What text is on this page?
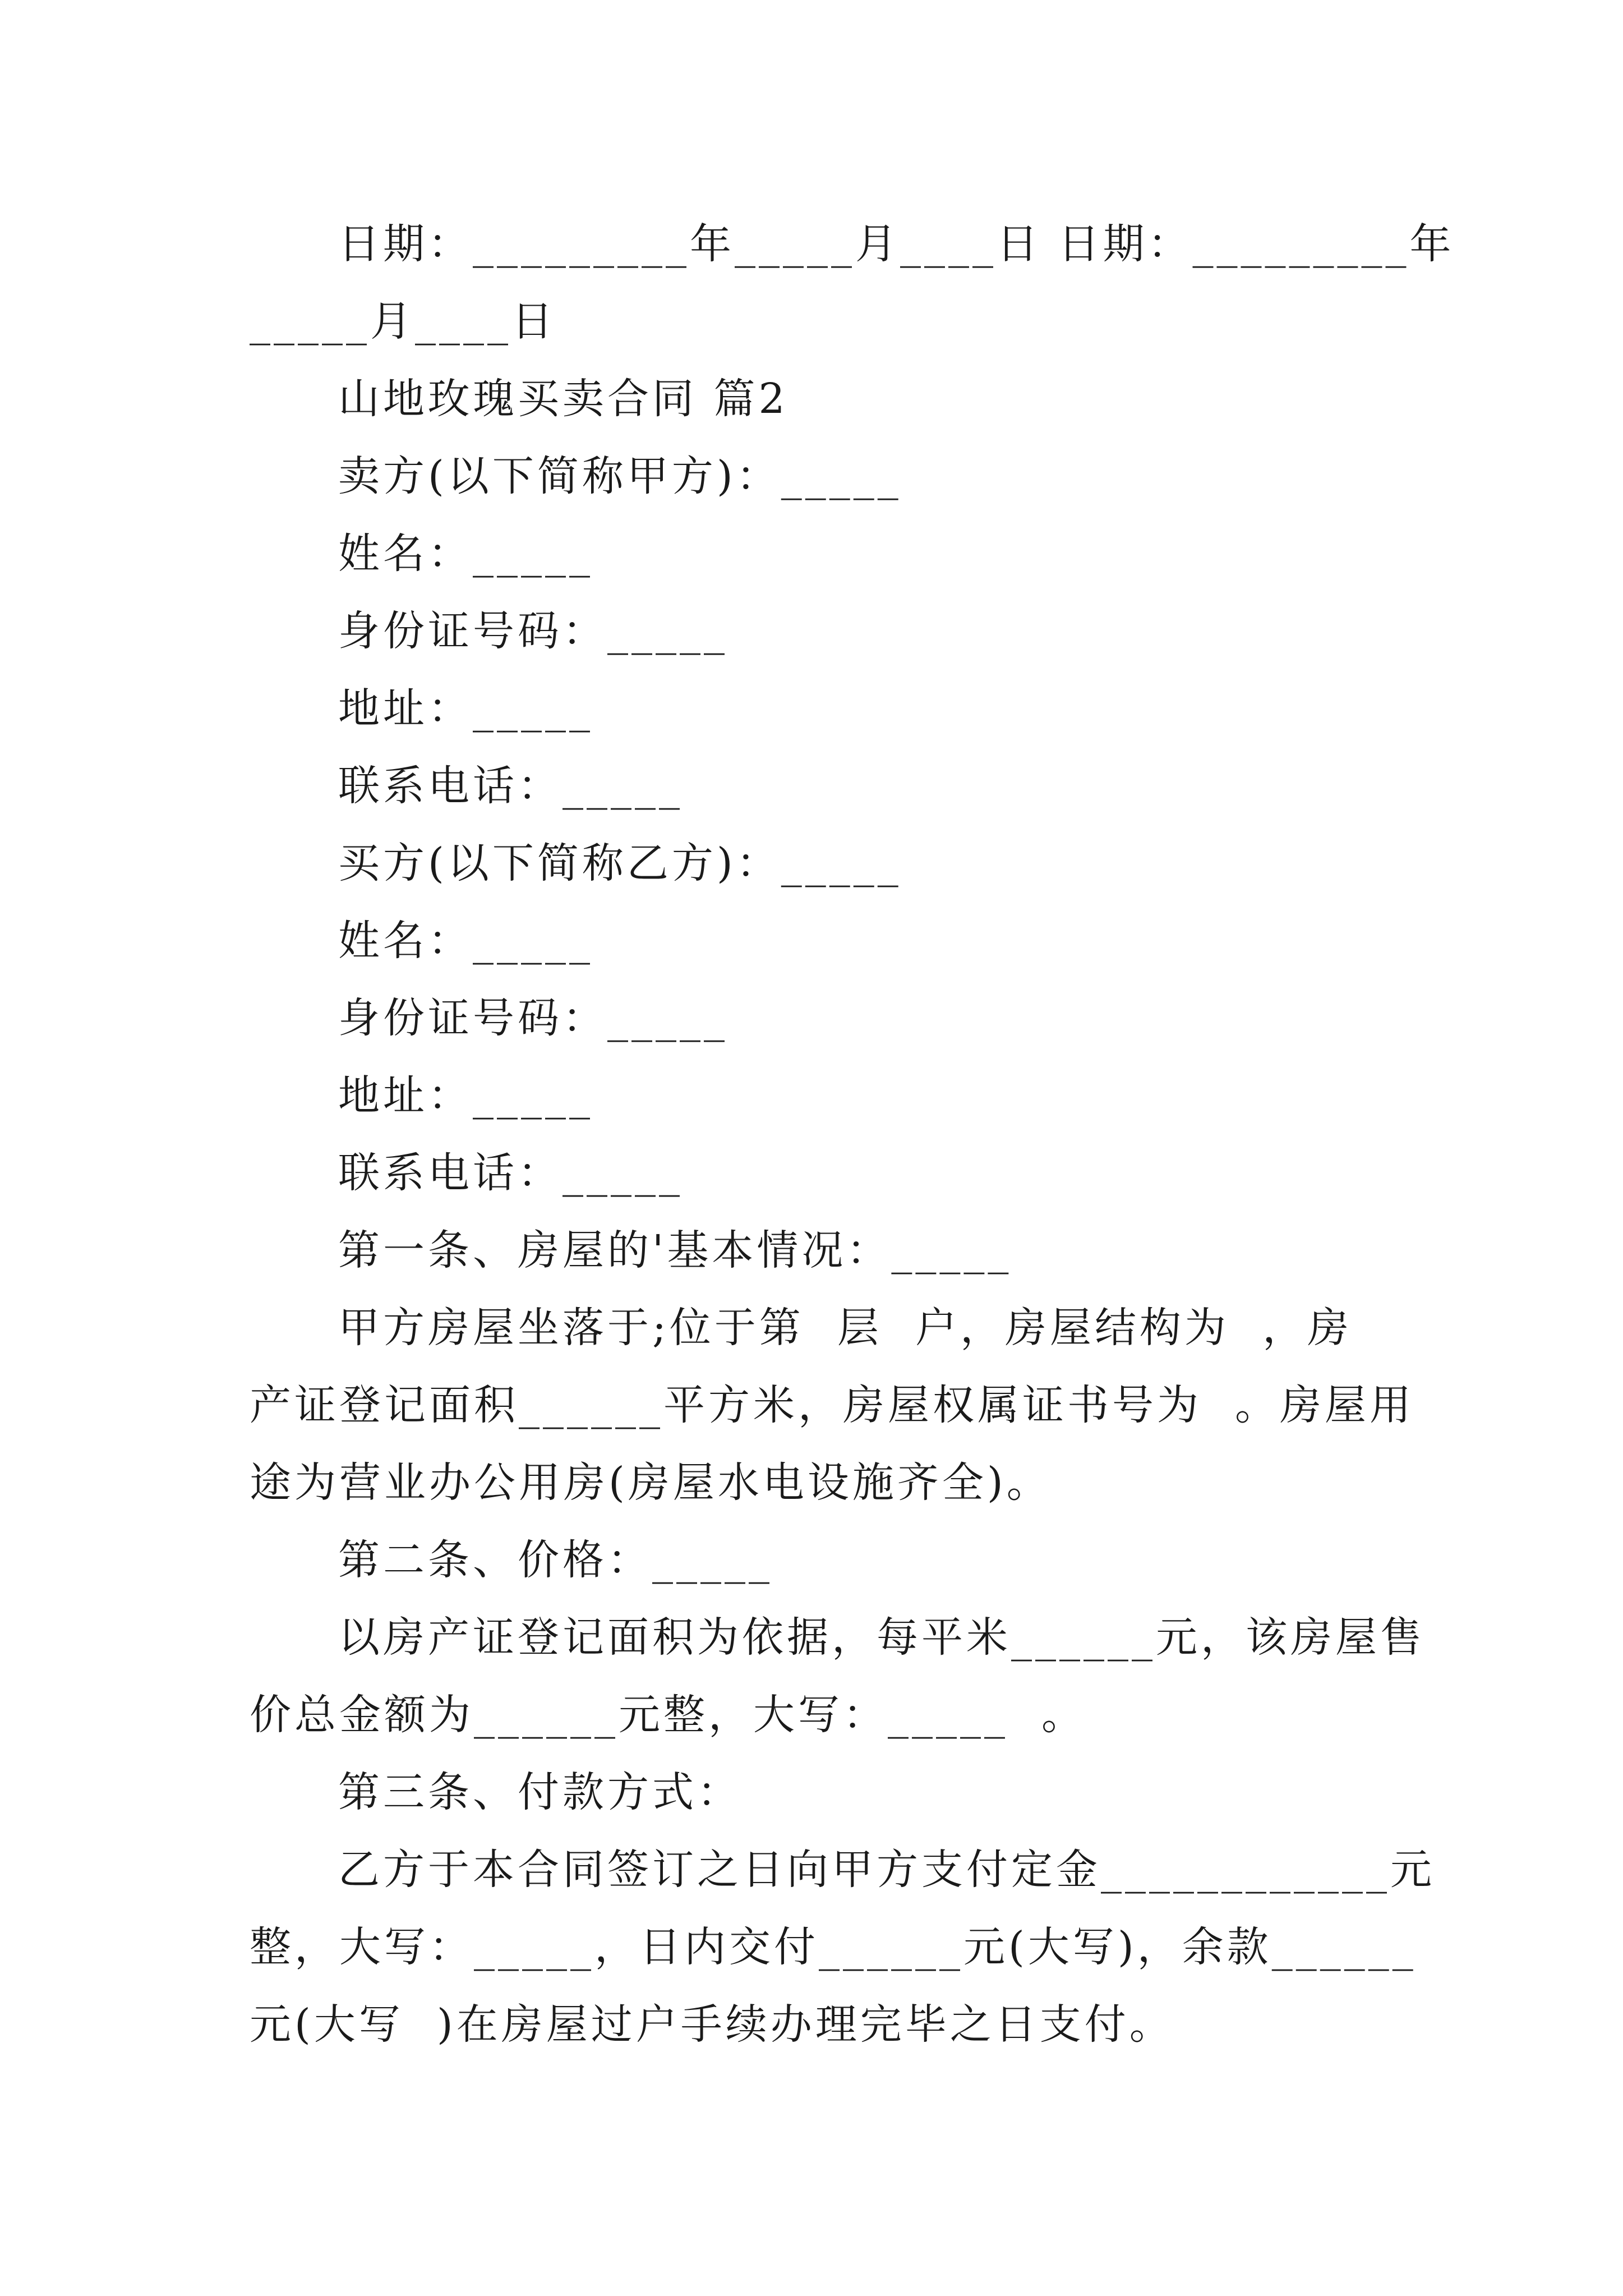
日期：_________年_____月____日 日期：_________年
_____月____日
山地玫瑰买卖合同 篇2
卖方(以下简称甲方)：_____
姓名：_____
身份证号码：_____
地址：_____
联系电话：_____
买方(以下简称乙方)：_____
姓名：_____
身份证号码：_____
地址：_____
联系电话：_____
第一条、房屋的'基本情况：_____
甲方房屋坐落于;位于第  层  户，房屋结构为  ，房
产证登记面积______平方米，房屋权属证书号为  。房屋用
途为营业办公用房(房屋水电设施齐全)。
第二条、价格：_____
以房产证登记面积为依据，每平米______元，该房屋售
价总金额为______元整，大写：_____  。
第三条、付款方式：
乙方于本合同签订之日向甲方支付定金____________元
整，大写：_____，日内交付______元(大写)，余款______
元(大写  )在房屋过户手续办理完毕之日支付。
